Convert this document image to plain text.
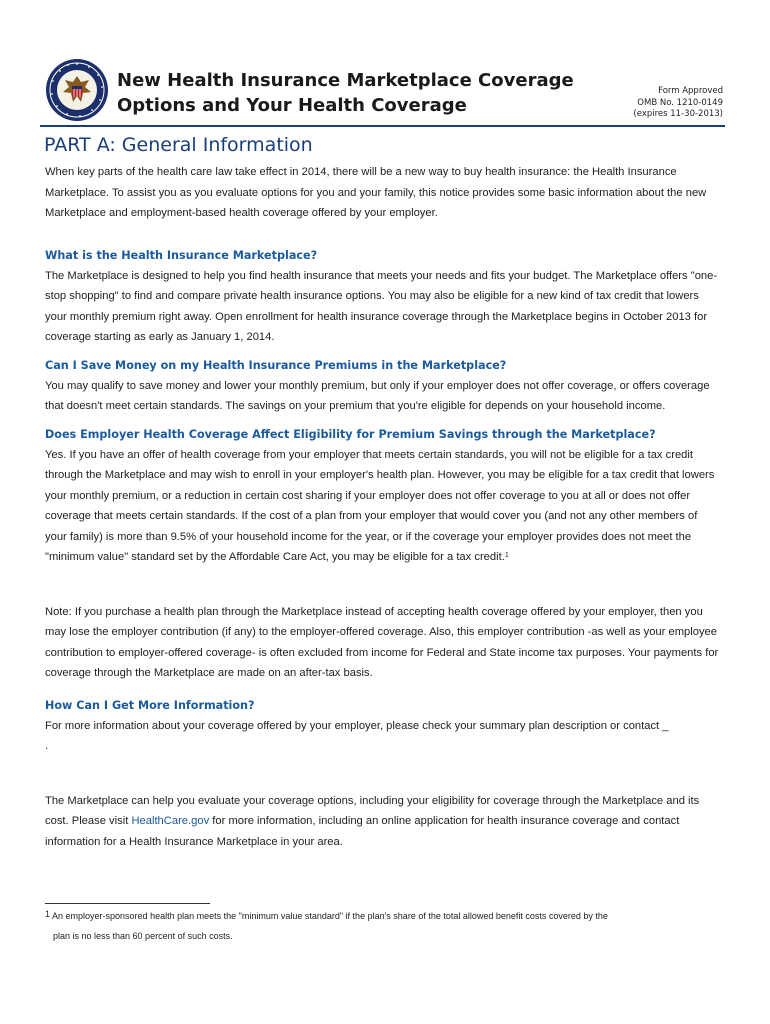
New Health Insurance Marketplace Coverage
Options and Your Health Coverage
Form Approved
OMB No. 1210-0149
(expires 11-30-2013)
PART A: General Information

When key parts of the health care law take effect in 2014, there will be a new way to buy health insurance: the Health Insurance Marketplace. To assist you as you evaluate options for you and your family, this notice provides some basic information about the new Marketplace and employment-based health coverage offered by your employer.

What is the Health Insurance Marketplace?

The Marketplace is designed to help you find health insurance that meets your needs and fits your budget. The Marketplace offers "one-stop shopping" to find and compare private health insurance options. You may also be eligible for a new kind of tax credit that lowers your monthly premium right away. Open enrollment for health insurance coverage through the Marketplace begins in October 2013 for coverage starting as early as January 1, 2014.

Can I Save Money on my Health Insurance Premiums in the Marketplace?

You may qualify to save money and lower your monthly premium, but only if your employer does not offer coverage, or offers coverage that doesn't meet certain standards. The savings on your premium that you're eligible for depends on your household income.

Does Employer Health Coverage Affect Eligibility for Premium Savings through the Marketplace?

Yes. If you have an offer of health coverage from your employer that meets certain standards, you will not be eligible for a tax credit through the Marketplace and may wish to enroll in your employer's health plan. However, you may be eligible for a tax credit that lowers your monthly premium, or a reduction in certain cost sharing if your employer does not offer coverage to you at all or does not offer coverage that meets certain standards. If the cost of a plan from your employer that would cover you (and not any other members of your family) is more than 9.5% of your household income for the year, or if the coverage your employer provides does not meet the "minimum value" standard set by the Affordable Care Act, you may be eligible for a tax credit.$^1$

Note: If you purchase a health plan through the Marketplace instead of accepting health coverage offered by your employer, then you may lose the employer contribution (if any) to the employer-offered coverage. Also, this employer contribution -as well as your employee contribution to employer-offered coverage- is often excluded from income for Federal and State income tax purposes. Your payments for coverage through the Marketplace are made on an after-tax basis.

How Can I Get More Information?

For more information about your coverage offered by your employer, please check your summary plan description or contact _

.

The Marketplace can help you evaluate your coverage options, including your eligibility for coverage through the Marketplace and its cost. Please visit HealthCare.gov for more information, including an online application for health insurance coverage and contact information for a Health Insurance Marketplace in your area.

1 An employer-sponsored health plan meets the "minimum value standard" if the plan's share of the total allowed benefit costs covered by the
plan is no less than 60 percent of such costs.
